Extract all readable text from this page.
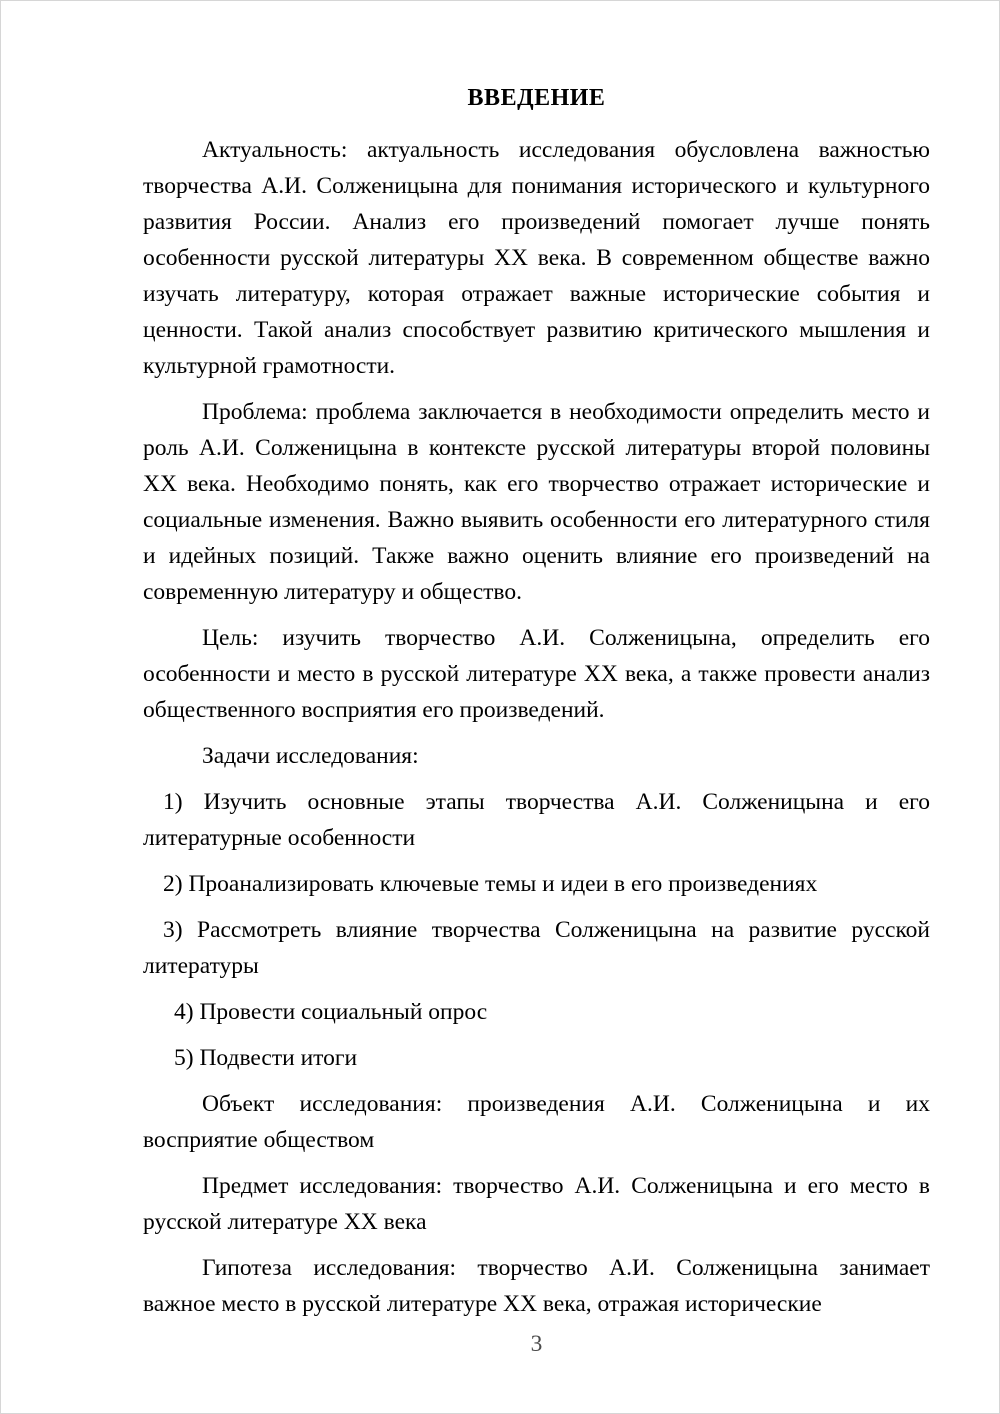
ВВЕДЕНИЕ

Актуальность: актуальность исследования обусловлена важностью творчества А.И. Солженицына для понимания исторического и культурного развития России. Анализ его произведений помогает лучше понять особенности русской литературы XX века. В современном обществе важно изучать литературу, которая отражает важные исторические события и ценности. Такой анализ способствует развитию критического мышления и культурной грамотности.

Проблема: проблема заключается в необходимости определить место и роль А.И. Солженицына в контексте русской литературы второй половины XX века. Необходимо понять, как его творчество отражает исторические и социальные изменения. Важно выявить особенности его литературного стиля и идейных позиций. Также важно оценить влияние его произведений на современную литературу и общество.

Цель: изучить творчество А.И. Солженицына, определить его особенности и место в русской литературе XX века, а также провести анализ общественного восприятия его произведений.

Задачи исследования:

1) Изучить основные этапы творчества А.И. Солженицына и его литературные особенности

2) Проанализировать ключевые темы и идеи в его произведениях

3) Рассмотреть влияние творчества Солженицына на развитие русской литературы

4) Провести социальный опрос

5) Подвести итоги

Объект исследования: произведения А.И. Солженицына и их восприятие обществом

Предмет исследования: творчество А.И. Солженицына и его место в русской литературе XX века

Гипотеза исследования: творчество А.И. Солженицына занимает важное место в русской литературе XX века, отражая исторические

3
